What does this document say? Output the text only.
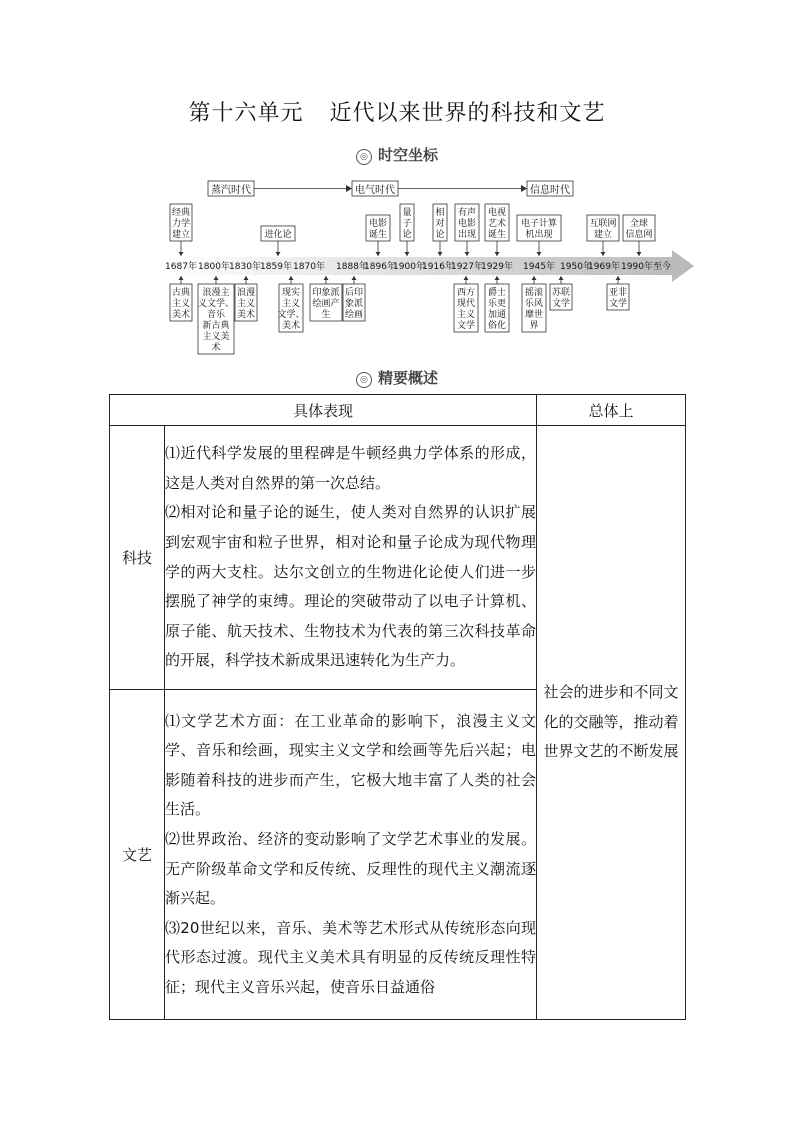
第十六单元 近代以来世界的科技和文艺
◎ 时空坐标
蒸汽时代	电气时代	信息时代
1687年 1800年 1830年 1859年 1870年 1888年
1896年
1900年
1916年
1927年
1929年 1945年 1950年
1969年 1990年至今
经典
力学
建立	进化论
电影
诞生
量
子
论
相
对
论
有声
电影
出现
电视
艺术
诞生
电子计算
机出现
互联网
建立
全球
信息网
古典
主义
美术
浪漫主
义文学、
音乐
新古典
主义美
术
浪漫
主义
美术
现实
主义
文学、
美术
印象派
绘画产
生
后印
象派
绘画
西方
现代
主义
文学
爵士
乐更
加通
俗化
摇滚
乐风
靡世
界
苏联
文学
亚非
文学
◎ 精要概述
具体表现		总体上
科技	⑴近代科学发展的里程碑是牛顿经典力学体系的形成，这是人类对自然界的第一次总结。

⑵相对论和量子论的诞生，使人类对自然界的认识扩展到宏观宇宙和粒子世界，相对论和量子论成为现代物理学的两大支柱。达尔文创立的生物进化论使人们进一步摆脱了神学的束缚。理论的突破带动了以电子计算机、原子能、航天技术、生物技术为代表的第三次科技革命的开展，科学技术新成果迅速转化为生产力。	社会的进步和不同文化的交融等，推动着世界文艺的不断发展
文艺	⑴文学艺术方面：在工业革命的影响下，浪漫主义文学、音乐和绘画，现实主义文学和绘画等先后兴起；电影随着科技的进步而产生，它极大地丰富了人类的社会生活。

⑵世界政治、经济的变动影响了文学艺术事业的发展。无产阶级革命文学和反传统、反理性的现代主义潮流逐渐兴起。

⑶20世纪以来，音乐、美术等艺术形式从传统形态向现代形态过渡。现代主义美术具有明显的反传统反理性特征；现代主义音乐兴起，使音乐日益通俗	
